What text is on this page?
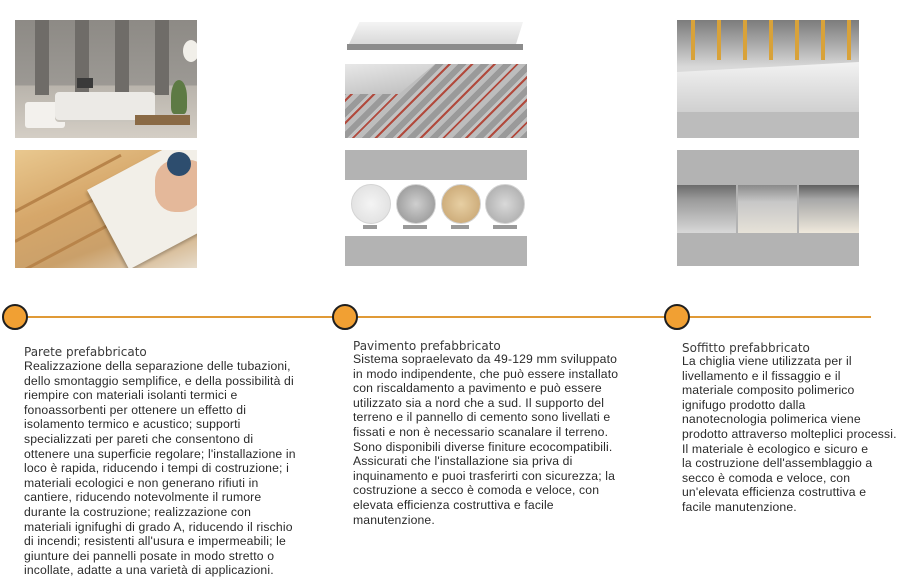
Parete prefabbricato
Realizzazione della separazione delle tubazioni,
dello smontaggio semplifice, e della possibilità di
riempire con materiali isolanti termici e
fonoassorbenti per ottenere un effetto di
isolamento termico e acustico; supporti
specializzati per pareti che consentono di
ottenere una superficie regolare; l'installazione in
loco è rapida, riducendo i tempi di costruzione; i
materiali ecologici e non generano rifiuti in
cantiere, riducendo notevolmente il rumore
durante la costruzione; realizzazione con
materiali ignifughi di grado A, riducendo il rischio
di incendi; resistenti all'usura e impermeabili; le
giunture dei pannelli posate in modo stretto o
incollate, adatte a una varietà di applicazioni.
Pavimento prefabbricato
Sistema sopraelevato da 49-129 mm sviluppato
in modo indipendente, che può essere installato
con riscaldamento a pavimento e può essere
utilizzato sia a nord che a sud. Il supporto del
terreno e il pannello di cemento sono livellati e
fissati e non è necessario scanalare il terreno.
Sono disponibili diverse finiture ecocompatibili.
Assicurati che l'installazione sia priva di
inquinamento e puoi trasferirti con sicurezza; la
costruzione a secco è comoda e veloce, con
elevata efficienza costruttiva e facile
manutenzione.
Soffitto prefabbricato
La chiglia viene utilizzata per il
livellamento e il fissaggio e il
materiale composito polimerico
ignifugo prodotto dalla
nanotecnologia polimerica viene
prodotto attraverso molteplici processi.
Il materiale è ecologico e sicuro e
la costruzione dell'assemblaggio a
secco è comoda e veloce, con
un'elevata efficienza costruttiva e
facile manutenzione.
